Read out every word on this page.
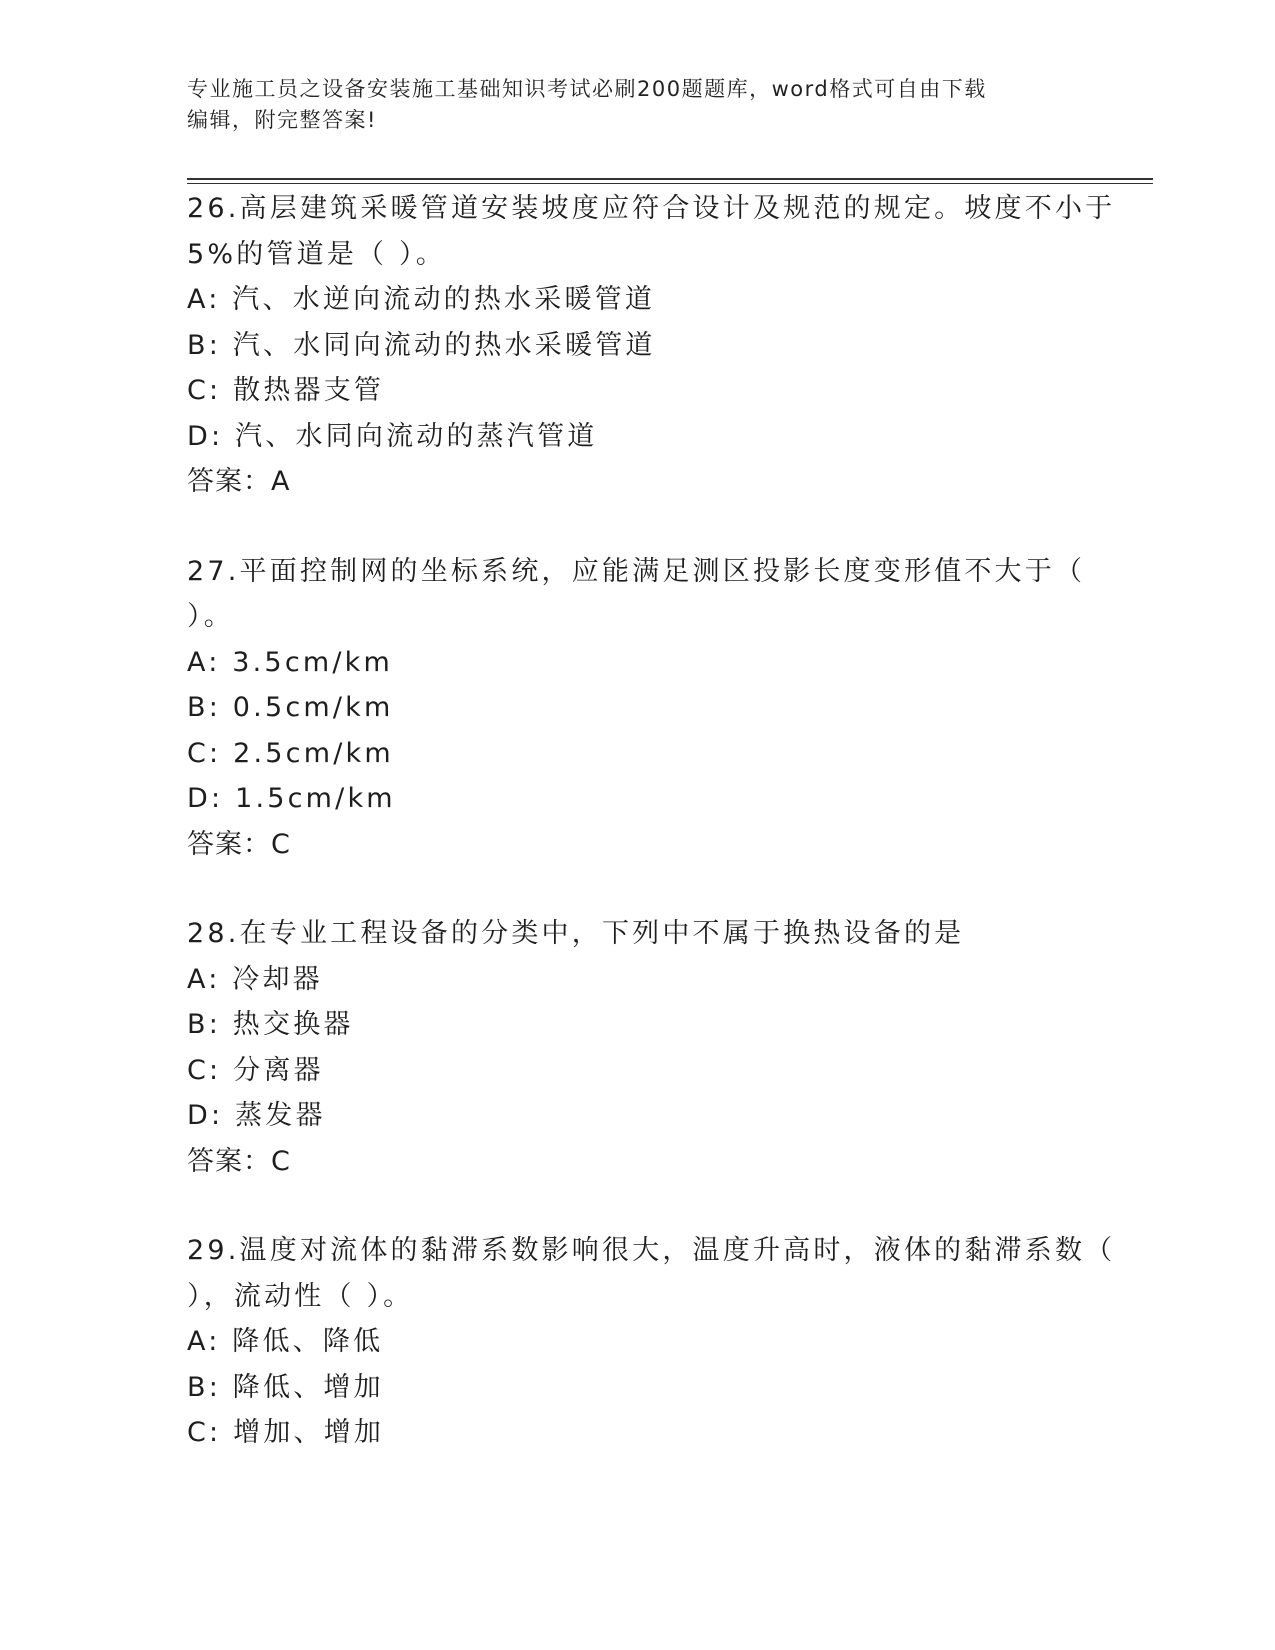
专业施工员之设备安装施工基础知识考试必刷200题题库，word格式可自由下载
编辑，附完整答案!
26.高层建筑采暖管道安装坡度应符合设计及规范的规定。坡度不小于
5%的管道是（ ）。
A: 汽、水逆向流动的热水采暖管道
B: 汽、水同向流动的热水采暖管道
C: 散热器支管
D: 汽、水同向流动的蒸汽管道
答案：A
27.平面控制网的坐标系统，应能满足测区投影长度变形值不大于（
）。
A: 3.5cm/km
B: 0.5cm/km
C: 2.5cm/km
D: 1.5cm/km
答案：C
28.在专业工程设备的分类中，下列中不属于换热设备的是
A: 冷却器
B: 热交换器
C: 分离器
D: 蒸发器
答案：C
29.温度对流体的黏滞系数影响很大，温度升高时，液体的黏滞系数（
），流动性（ ）。
A: 降低、降低
B: 降低、增加
C: 增加、增加
